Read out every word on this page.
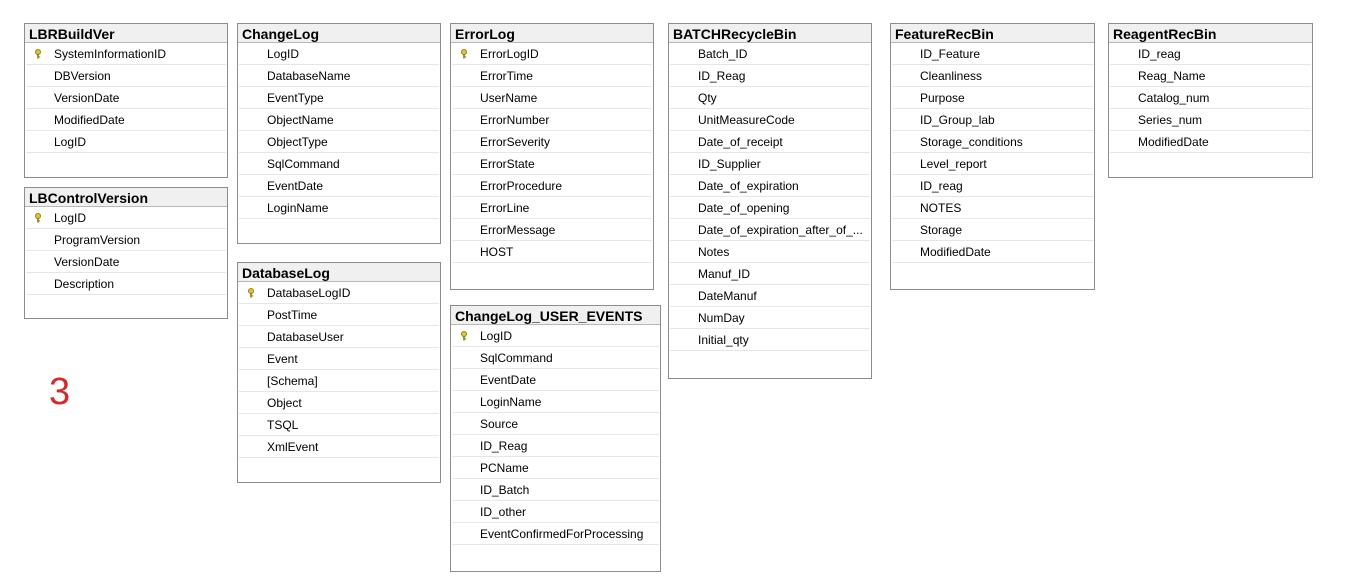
LBRBuildVer
SystemInformationID
DBVersion
VersionDate
ModifiedDate
LogID
LBControlVersion
LogID
ProgramVersion
VersionDate
Description
ChangeLog
LogID
DatabaseName
EventType
ObjectName
ObjectType
SqlCommand
EventDate
LoginName
DatabaseLog
DatabaseLogID
PostTime
DatabaseUser
Event
[Schema]
Object
TSQL
XmlEvent
ErrorLog
ErrorLogID
ErrorTime
UserName
ErrorNumber
ErrorSeverity
ErrorState
ErrorProcedure
ErrorLine
ErrorMessage
HOST
ChangeLog_USER_EVENTS
LogID
SqlCommand
EventDate
LoginName
Source
ID_Reag
PCName
ID_Batch
ID_other
EventConfirmedForProcessing
BATCHRecycleBin
Batch_ID
ID_Reag
Qty
UnitMeasureCode
Date_of_receipt
ID_Supplier
Date_of_expiration
Date_of_opening
Date_of_expiration_after_of_...
Notes
Manuf_ID
DateManuf
NumDay
Initial_qty
FeatureRecBin
ID_Feature
Cleanliness
Purpose
ID_Group_lab
Storage_conditions
Level_report
ID_reag
NOTES
Storage
ModifiedDate
ReagentRecBin
ID_reag
Reag_Name
Catalog_num
Series_num
ModifiedDate
3
